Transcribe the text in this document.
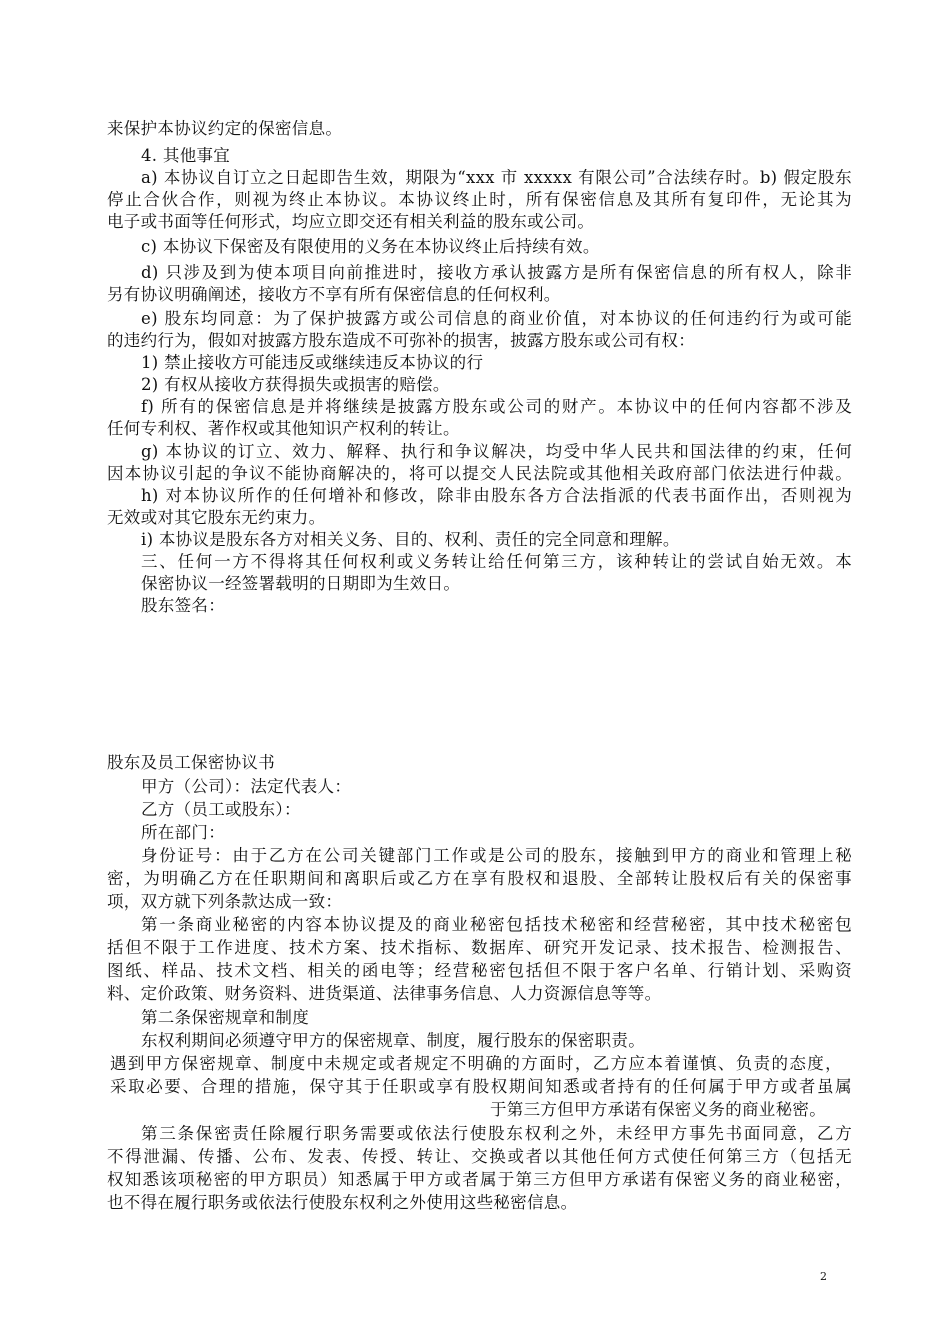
来保护本协议约定的保密信息。
4. 其他事宜
a) 本协议自订立之日起即告生效，期限为“xxx 市 xxxxx 有限公司”合法续存时。b) 假定股东
停止合伙合作，则视为终止本协议。本协议终止时，所有保密信息及其所有复印件，无论其为
电子或书面等任何形式，均应立即交还有相关利益的股东或公司。
c) 本协议下保密及有限使用的义务在本协议终止后持续有效。
d) 只涉及到为使本项目向前推进时，接收方承认披露方是所有保密信息的所有权人，除非
另有协议明确阐述，接收方不享有所有保密信息的任何权利。
e) 股东均同意：为了保护披露方或公司信息的商业价值，对本协议的任何违约行为或可能
的违约行为，假如对披露方股东造成不可弥补的损害，披露方股东或公司有权：
1) 禁止接收方可能违反或继续违反本协议的行
2) 有权从接收方获得损失或损害的赔偿。
f) 所有的保密信息是并将继续是披露方股东或公司的财产。本协议中的任何内容都不涉及
任何专利权、著作权或其他知识产权利的转让。
g) 本协议的订立、效力、解释、执行和争议解决，均受中华人民共和国法律的约束，任何
因本协议引起的争议不能协商解决的，将可以提交人民法院或其他相关政府部门依法进行仲裁。
h) 对本协议所作的任何增补和修改，除非由股东各方合法指派的代表书面作出，否则视为
无效或对其它股东无约束力。
i) 本协议是股东各方对相关义务、目的、权利、责任的完全同意和理解。
三、任何一方不得将其任何权利或义务转让给任何第三方，该种转让的尝试自始无效。本
保密协议一经签署载明的日期即为生效日。
股东签名：
股东及员工保密协议书
甲方（公司）：法定代表人：
乙方（员工或股东）：
所在部门：
身份证号：由于乙方在公司关键部门工作或是公司的股东，接触到甲方的商业和管理上秘
密，为明确乙方在任职期间和离职后或乙方在享有股权和退股、全部转让股权后有关的保密事
项，双方就下列条款达成一致：
第一条商业秘密的内容本协议提及的商业秘密包括技术秘密和经营秘密，其中技术秘密包
括但不限于工作进度、技术方案、技术指标、数据库、研究开发记录、技术报告、检测报告、
图纸、样品、技术文档、相关的函电等；经营秘密包括但不限于客户名单、行销计划、采购资
料、定价政策、财务资料、进货渠道、法律事务信息、人力资源信息等等。
第二条保密规章和制度
东权利期间必须遵守甲方的保密规章、制度，履行股东的保密职责。
遇到甲方保密规章、制度中未规定或者规定不明确的方面时，乙方应本着谨慎、负责的态度，
采取必要、合理的措施，保守其于任职或享有股权期间知悉或者持有的任何属于甲方或者虽属
于第三方但甲方承诺有保密义务的商业秘密。
第三条保密责任除履行职务需要或依法行使股东权利之外，未经甲方事先书面同意，乙方
不得泄漏、传播、公布、发表、传授、转让、交换或者以其他任何方式使任何第三方（包括无
权知悉该项秘密的甲方职员）知悉属于甲方或者属于第三方但甲方承诺有保密义务的商业秘密，
也不得在履行职务或依法行使股东权利之外使用这些秘密信息。
2
